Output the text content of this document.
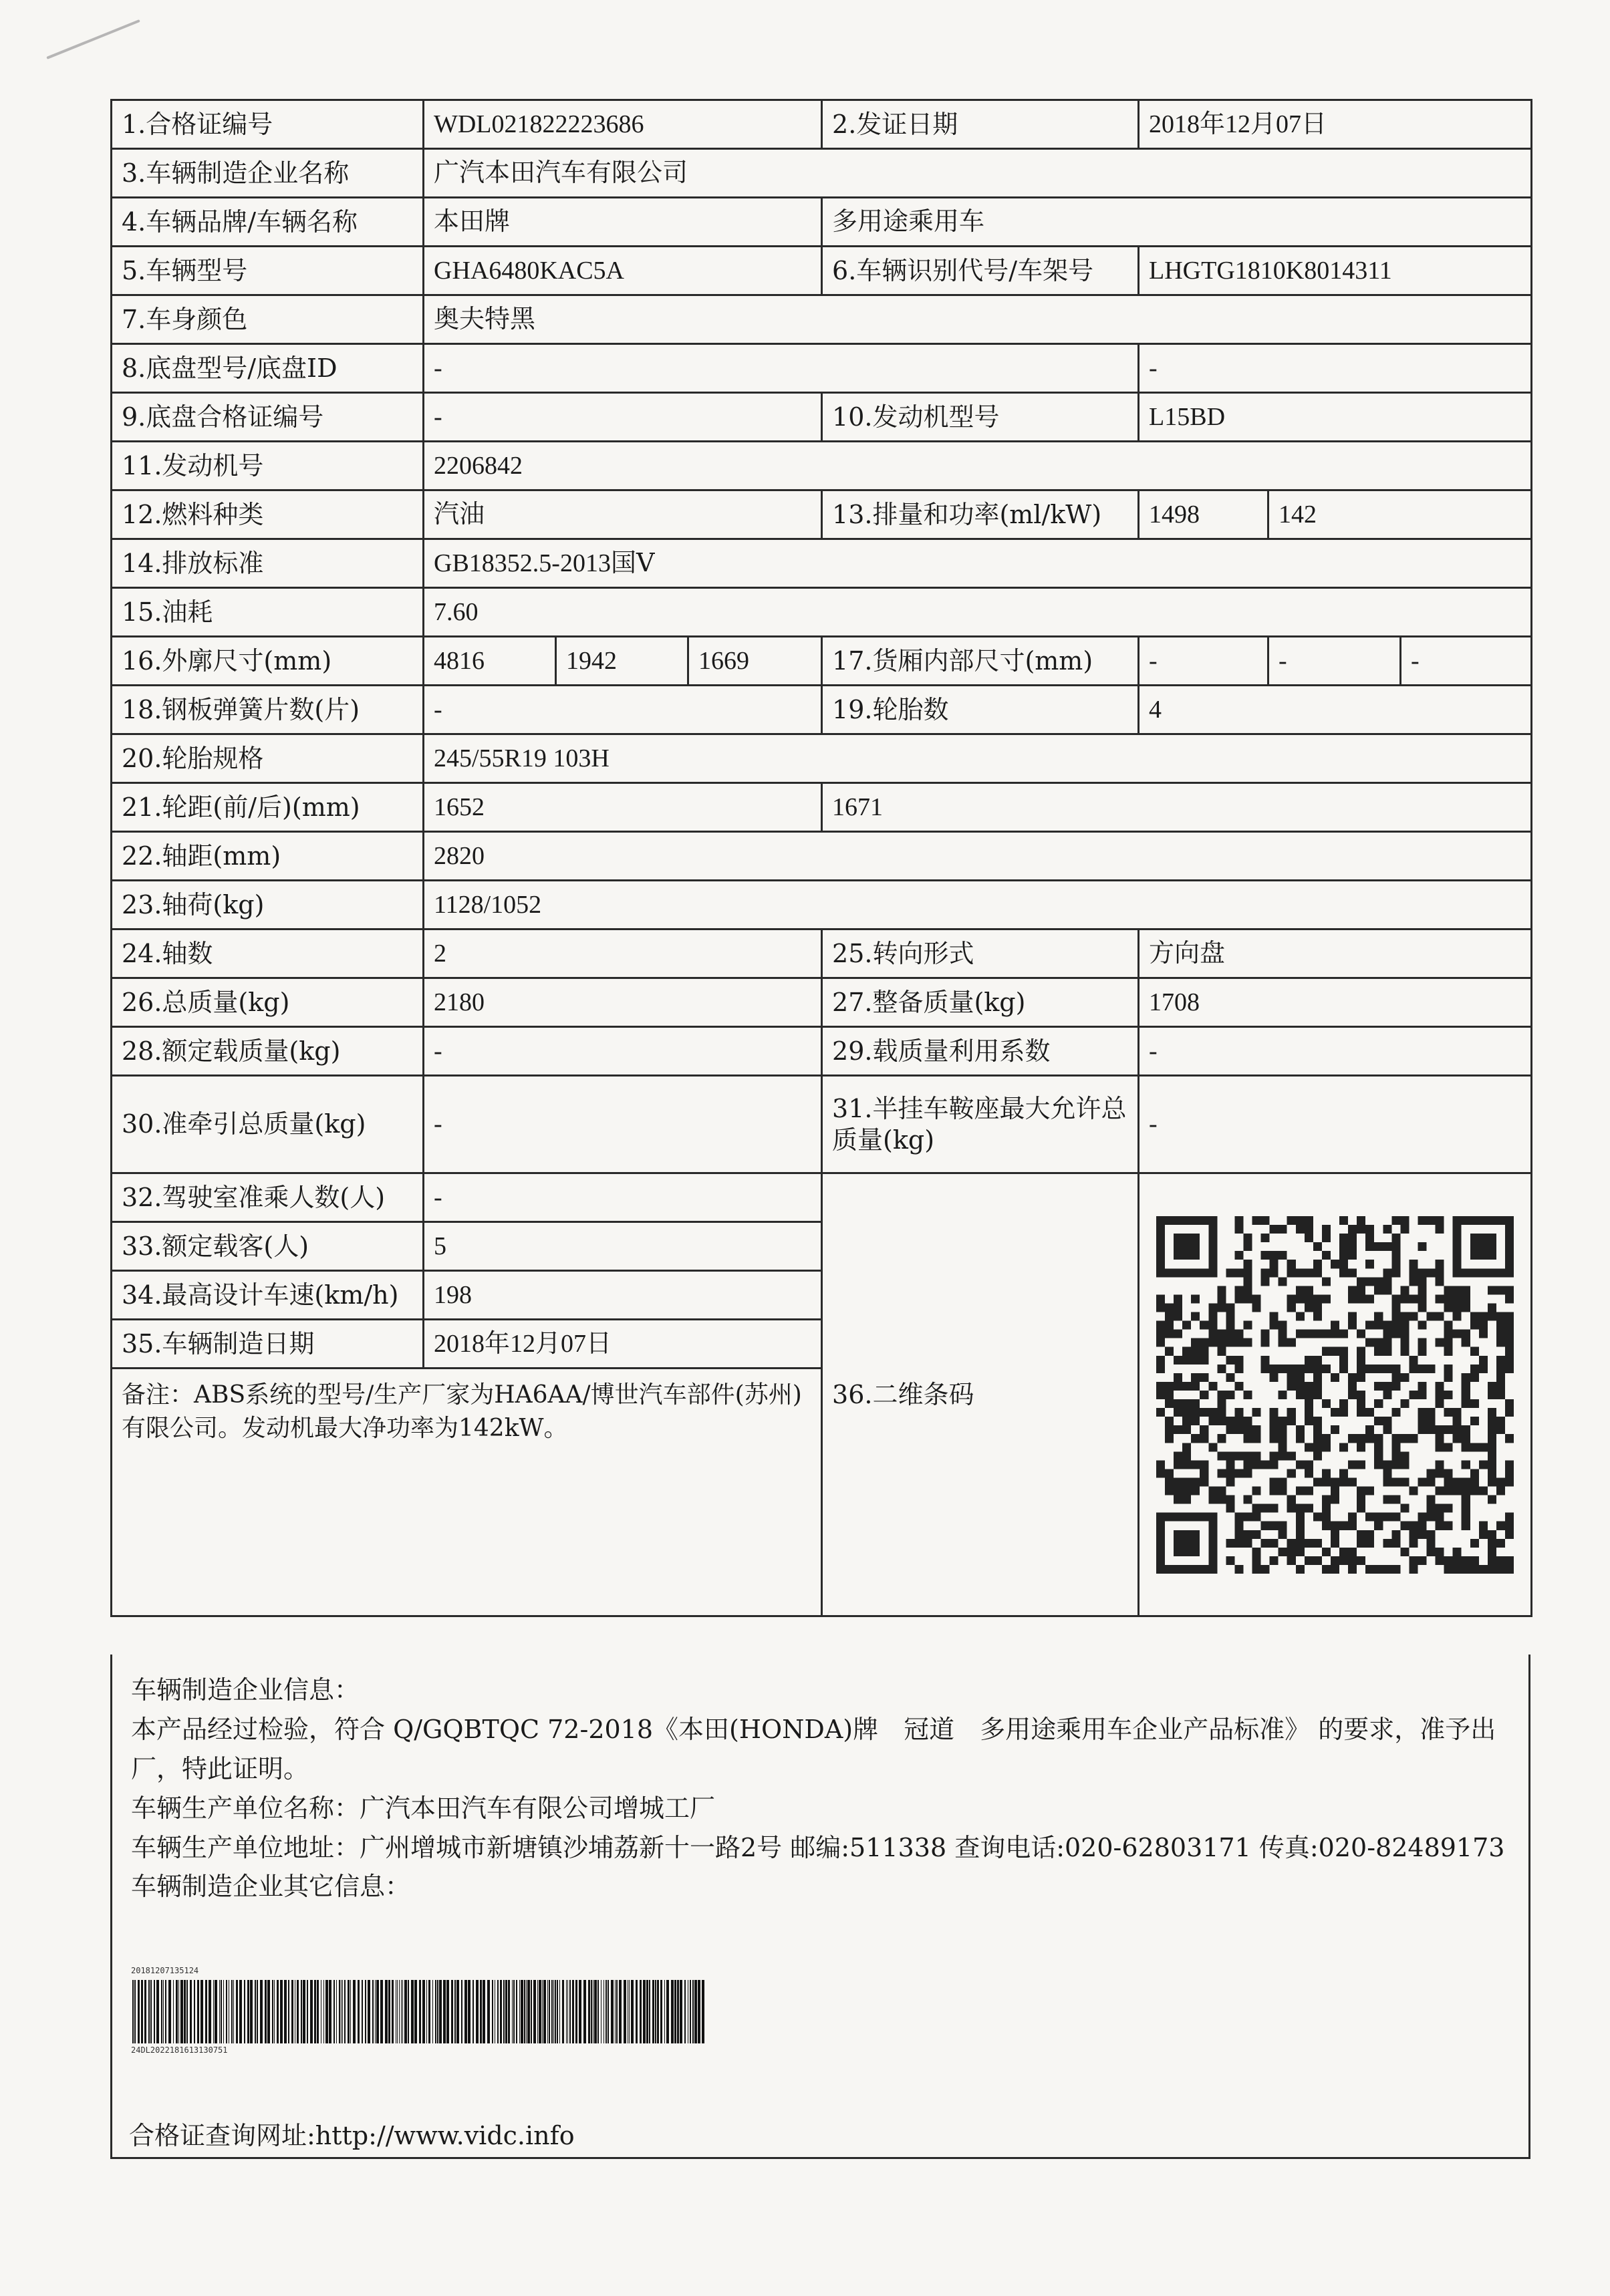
1.合格证编号	WDL021822223686			2.发证日期	2018年12月07日		
3.车辆制造企业名称	广汽本田汽车有限公司						
4.车辆品牌/车辆名称	本田牌			多用途乘用车			
5.车辆型号	GHA6480KAC5A			6.车辆识别代号/车架号	LHGTG1810K8014311		
7.车身颜色	奥夫特黑						
8.底盘型号/底盘ID	-				-		
9.底盘合格证编号	-			10.发动机型号	L15BD		
11.发动机号	2206842						
12.燃料种类	汽油			13.排量和功率(ml/kW)	1498	142	
14.排放标准	GB18352.5-2013国Ⅴ						
15.油耗	7.60						
16.外廓尺寸(mm)	4816	1942	1669	17.货厢内部尺寸(mm)	-	-	-
18.钢板弹簧片数(片)	-			19.轮胎数	4		
20.轮胎规格	245/55R19 103H						
21.轮距(前/后)(mm)	1652			1671			
22.轴距(mm)	2820						
23.轴荷(kg)	1128/1052						
24.轴数	2			25.转向形式	方向盘		
26.总质量(kg)	2180			27.整备质量(kg)	1708		
28.额定载质量(kg)	-			29.载质量利用系数	-		
30.准牵引总质量(kg)	-			31.半挂车鞍座最大允许总质量(kg)	-		
32.驾驶室准乘人数(人)	-			36.二维条码	

33.额定载客(人)	5						
34.最高设计车速(km/h)	198						
35.车辆制造日期	2018年12月07日						
备注：ABS系统的型号/生产厂家为HA6AA/博世汽车部件(苏州)有限公司。发动机最大净功率为142kW。							
车辆制造企业信息：
本产品经过检验，符合 Q/GQBTQC 72-2018《本田(HONDA)牌　冠道　多用途乘用车企业产品标准》 的要求，准予出厂，特此证明。
车辆生产单位名称：广汽本田汽车有限公司增城工厂
车辆生产单位地址：广州增城市新塘镇沙埔荔新十一路2号 邮编:511338 查询电话:020-62803171 传真:020-82489173
车辆制造企业其它信息：
20181207135124
24DL2022181613130751
合格证查询网址:http://www.vidc.info
